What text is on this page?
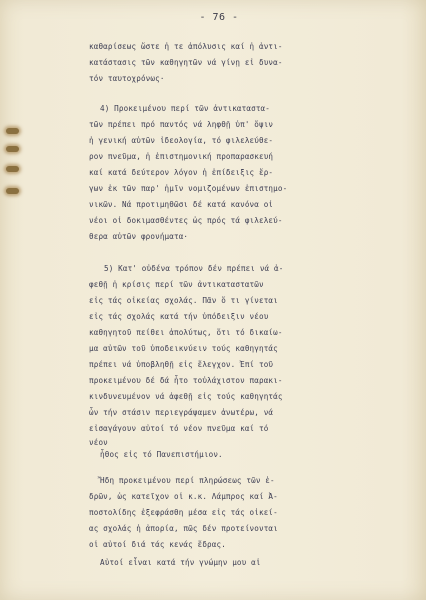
- 76 -
καθαρίσεως ὥστε ἡ τε ἀπόλυσις καί ἡ ἀντι-
κατάστασις τῶν καθηγητῶν νά γίνῃ εἰ δυνα-
τόν ταυτοχρόνως·
4) Προκειμένου περί τῶν ἀντικαταστα-
τῶν πρέπει πρό παντός νά ληφθῇ ὑπ' ὄψιν
ἡ γενική αὐτῶν ἰδεολογία, τό φιλελεύθε-
ρον πνεῦμα, ἡ ἐπιστημονική προπαρασκευή
καί κατά δεύτερον λόγον ἡ ἐπίδειξις ἔρ-
γων ἐκ τῶν παρ' ἡμῖν νομιζομένων ἐπιστημο-
νικῶν. Νά προτιμηθῶσι δέ κατά κανόνα οἱ
νέοι οἱ δοκιμασθέντες ὡς πρός τά φιλελεύ-
θερα αὐτῶν φρονήματα·
5) Κατ' οὐδένα τρόπον δέν πρέπει νά ἀ-
φεθῇ ἡ κρίσις περί τῶν ἀντικαταστατῶν
εἰς τάς οἰκείας σχολάς. Πᾶν ὅ τι γίνεται
εἰς τάς σχολάς κατά τήν ὑπόδειξιν νέου
καθηγητοῦ πείθει ἀπολύτως, ὅτι τό δικαίω-
μα αὐτῶν τοῦ ὑποδεικνύειν τούς καθηγητάς
πρέπει νά ὑποβληθῇ εἰς ἔλεγχον. Ἐπί τοῦ
προκειμένου δέ δά ἦτο τοὐλάχιστον παρακι-
κινδυνευμένον νά ἀφεθῇ εἰς τούς καθηγητάς
ὧν τήν στάσιν περιεγράψαμεν ἀνωτέρω, νά
εἰσαγάγουν αὐτοί τό νέον πνεῦμα καί τό
νέον
ἦθος εἰς τό Πανεπιστήμιον.
Ἤδη προκειμένου περί πληρώσεως τῶν ἑ-
δρῶν, ὡς κατεῖχον οἱ κ.κ. Λάμπρος καί Ἀ-
ποστολίδης ἐξεφράσθη μέσα εἰς τάς οἰκεί-
ας σχολάς ἡ ἀπορία, πῶς δέν προτείνονται
οἱ αὐτοί διά τάς κενάς ἕδρας.
Αὐτοί εἶναι κατά τήν γνώμην μου αἱ
